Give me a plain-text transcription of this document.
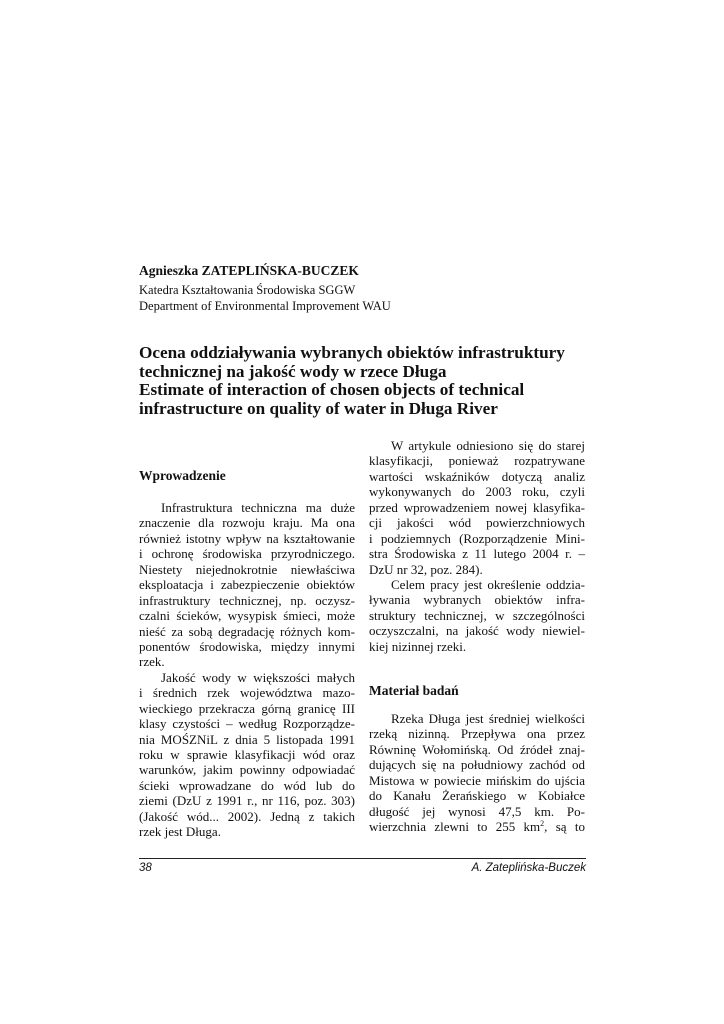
Agnieszka ZATEPLIŃSKA-BUCZEK
Katedra Kształtowania Środowiska SGGW
Department of Environmental Improvement WAU
Ocena oddziaływania wybranych obiektów infrastruktury
technicznej na jakość wody w rzece Długa
Estimate of interaction of chosen objects of technical
infrastructure on quality of water in Długa River
Wprowadzenie
Infrastruktura techniczna ma duże
znaczenie dla rozwoju kraju. Ma ona
również istotny wpływ na kształtowanie
i ochronę środowiska przyrodniczego.
Niestety niejednokrotnie niewłaściwa
eksploatacja i zabezpieczenie obiektów
infrastruktury technicznej, np. oczysz-
czalni ścieków, wysypisk śmieci, może
nieść za sobą degradację różnych kom-
ponentów środowiska, między innymi
rzek.
Jakość wody w większości małych
i średnich rzek województwa mazo-
wieckiego przekracza górną granicę III
klasy czystości – według Rozporządze-
nia MOŚZNiL z dnia 5 listopada 1991
roku w sprawie klasyfikacji wód oraz
warunków, jakim powinny odpowiadać
ścieki wprowadzane do wód lub do
ziemi (DzU z 1991 r., nr 116, poz. 303)
(Jakość wód... 2002). Jedną z takich
rzek jest Długa.
W artykule odniesiono się do starej
klasyfikacji, ponieważ rozpatrywane
wartości wskaźników dotyczą analiz
wykonywanych do 2003 roku, czyli
przed wprowadzeniem nowej klasyfika-
cji jakości wód powierzchniowych
i podziemnych (Rozporządzenie Mini-
stra Środowiska z 11 lutego 2004 r. –
DzU nr 32, poz. 284).
Celem pracy jest określenie oddzia-
ływania wybranych obiektów infra-
struktury technicznej, w szczególności
oczyszczalni, na jakość wody niewiel-
kiej nizinnej rzeki.
Materiał badań
Rzeka Długa jest średniej wielkości
rzeką nizinną. Przepływa ona przez
Równinę Wołomińską. Od źródeł znaj-
dujących się na południowy zachód od
Mistowa w powiecie mińskim do ujścia
do Kanału Żerańskiego w Kobiałce
długość jej wynosi 47,5 km. Po-
wierzchnia zlewni to 255 $km^2$, są to
38	A. Zateplińska-Buczek
